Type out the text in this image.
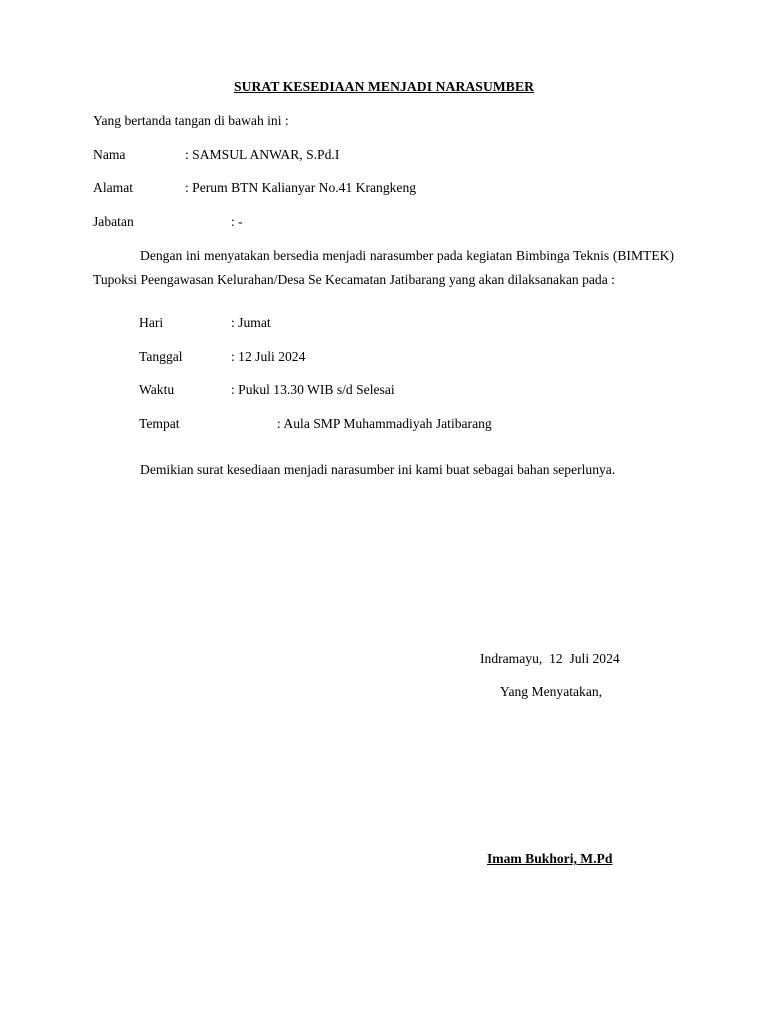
SURAT KESEDIAAN MENJADI NARASUMBER
Yang bertanda tangan di bawah ini :
Nama	: SAMSUL ANWAR, S.Pd.I
Alamat	: Perum BTN Kalianyar No.41 Krangkeng
Jabatan	: -
Dengan ini menyatakan bersedia menjadi narasumber pada kegiatan Bimbinga Teknis (BIMTEK) Tupoksi Peengawasan Kelurahan/Desa Se Kecamatan Jatibarang yang akan dilaksanakan pada :
Hari	: Jumat
Tanggal	: 12 Juli 2024
Waktu	: Pukul 13.30 WIB s/d Selesai
Tempat	: Aula SMP Muhammadiyah Jatibarang
Demikian surat kesediaan menjadi narasumber ini kami buat sebagai bahan seperlunya.
Indramayu,  12  Juli 2024
Yang Menyatakan,
Imam Bukhori, M.Pd
